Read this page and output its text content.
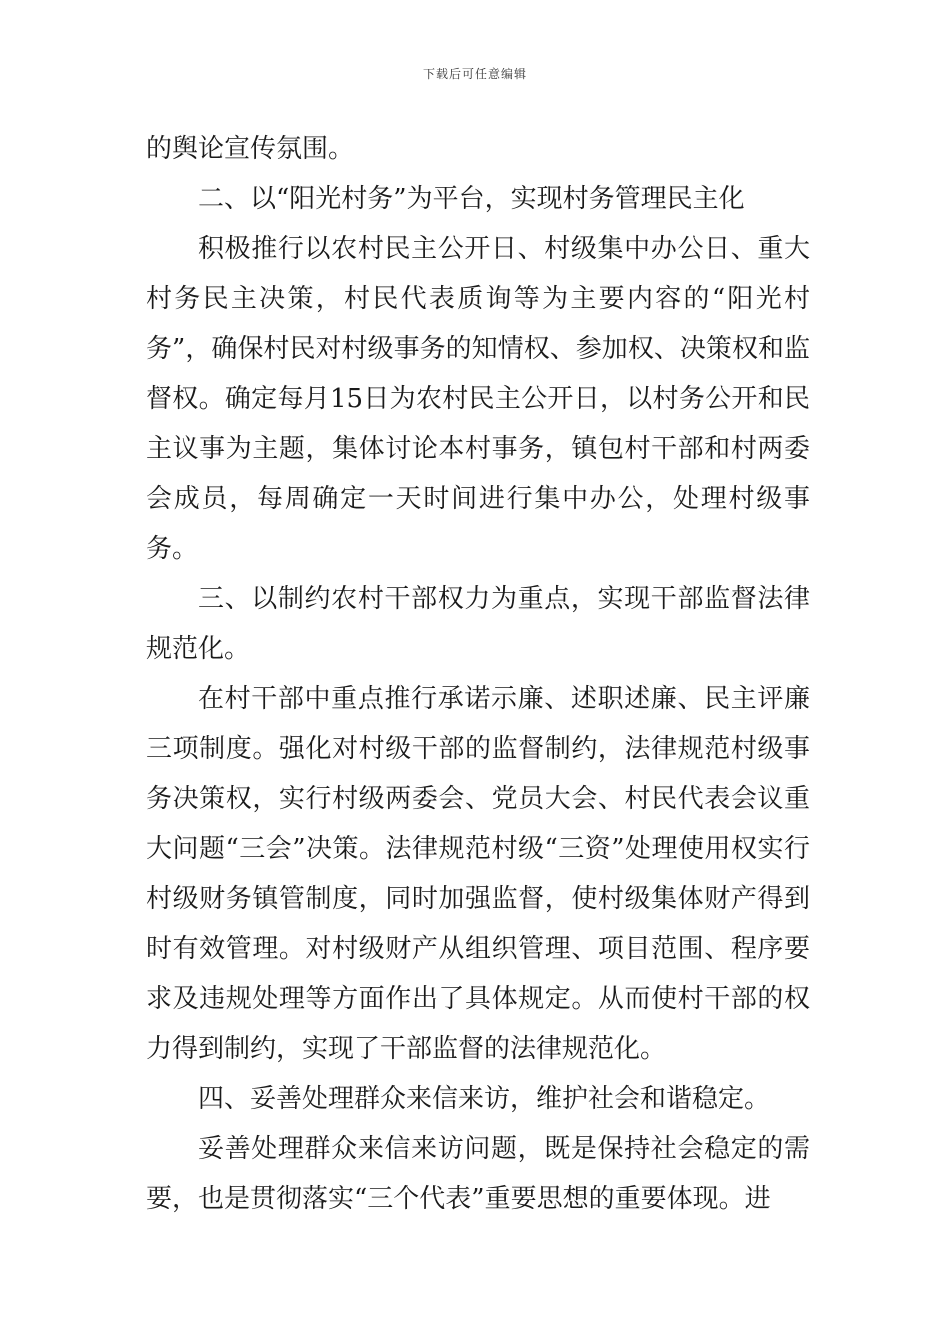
下载后可任意编辑

的舆论宣传氛围。

二、以“阳光村务”为平台，实现村务管理民主化

积极推行以农村民主公开日、村级集中办公日、重大村务民主决策，村民代表质询等为主要内容的“阳光村务”，确保村民对村级事务的知情权、参加权、决策权和监督权。确定每月15日为农村民主公开日，以村务公开和民主议事为主题，集体讨论本村事务，镇包村干部和村两委会成员，每周确定一天时间进行集中办公，处理村级事务。

三、以制约农村干部权力为重点，实现干部监督法律规范化。

在村干部中重点推行承诺示廉、述职述廉、民主评廉三项制度。强化对村级干部的监督制约，法律规范村级事务决策权，实行村级两委会、党员大会、村民代表会议重大问题“三会”决策。法律规范村级“三资”处理使用权实行村级财务镇管制度，同时加强监督，使村级集体财产得到时有效管理。对村级财产从组织管理、项目范围、程序要求及违规处理等方面作出了具体规定。从而使村干部的权力得到制约，实现了干部监督的法律规范化。

四、妥善处理群众来信来访，维护社会和谐稳定。

妥善处理群众来信来访问题，既是保持社会稳定的需要，也是贯彻落实“三个代表”重要思想的重要体现。进
